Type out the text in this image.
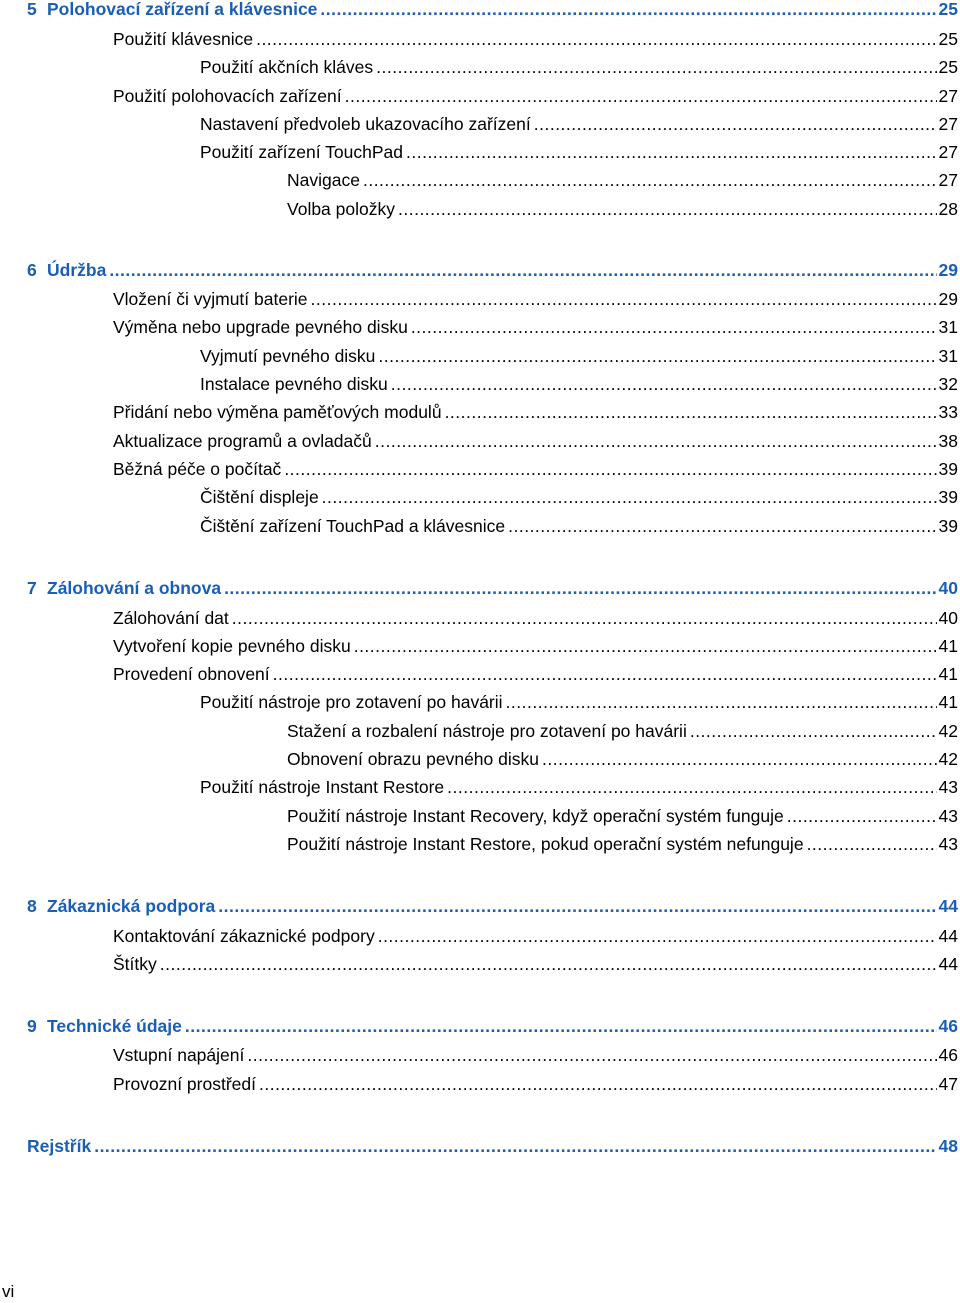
5 Polohovací zařízení a klávesnice .....	25
Použití klávesnice .....	25
Použití akčních kláves .....	25
Použití polohovacích zařízení .....	27
Nastavení předvoleb ukazovacího zařízení .....	27
Použití zařízení TouchPad .....	27
Navigace .....	27
Volba položky .....	28
6 Údržba .....	29
Vložení či vyjmutí baterie .....	29
Výměna nebo upgrade pevného disku .....	31
Vyjmutí pevného disku .....	31
Instalace pevného disku .....	32
Přidání nebo výměna paměťových modulů .....	33
Aktualizace programů a ovladačů .....	38
Běžná péče o počítač .....	39
Čištění displeje .....	39
Čištění zařízení TouchPad a klávesnice .....	39
7 Zálohování a obnova .....	40
Zálohování dat .....	40
Vytvoření kopie pevného disku .....	41
Provedení obnovení .....	41
Použití nástroje pro zotavení po havárii .....	41
Stažení a rozbalení nástroje pro zotavení po havárii .....	42
Obnovení obrazu pevného disku .....	42
Použití nástroje Instant Restore .....	43
Použití nástroje Instant Recovery, když operační systém funguje .....	43
Použití nástroje Instant Restore, pokud operační systém nefunguje .....	43
8 Zákaznická podpora .....	44
Kontaktování zákaznické podpory .....	44
Štítky .....	44
9 Technické údaje .....	46
Vstupní napájení .....	46
Provozní prostředí .....	47
Rejstřík .....	48
vi
